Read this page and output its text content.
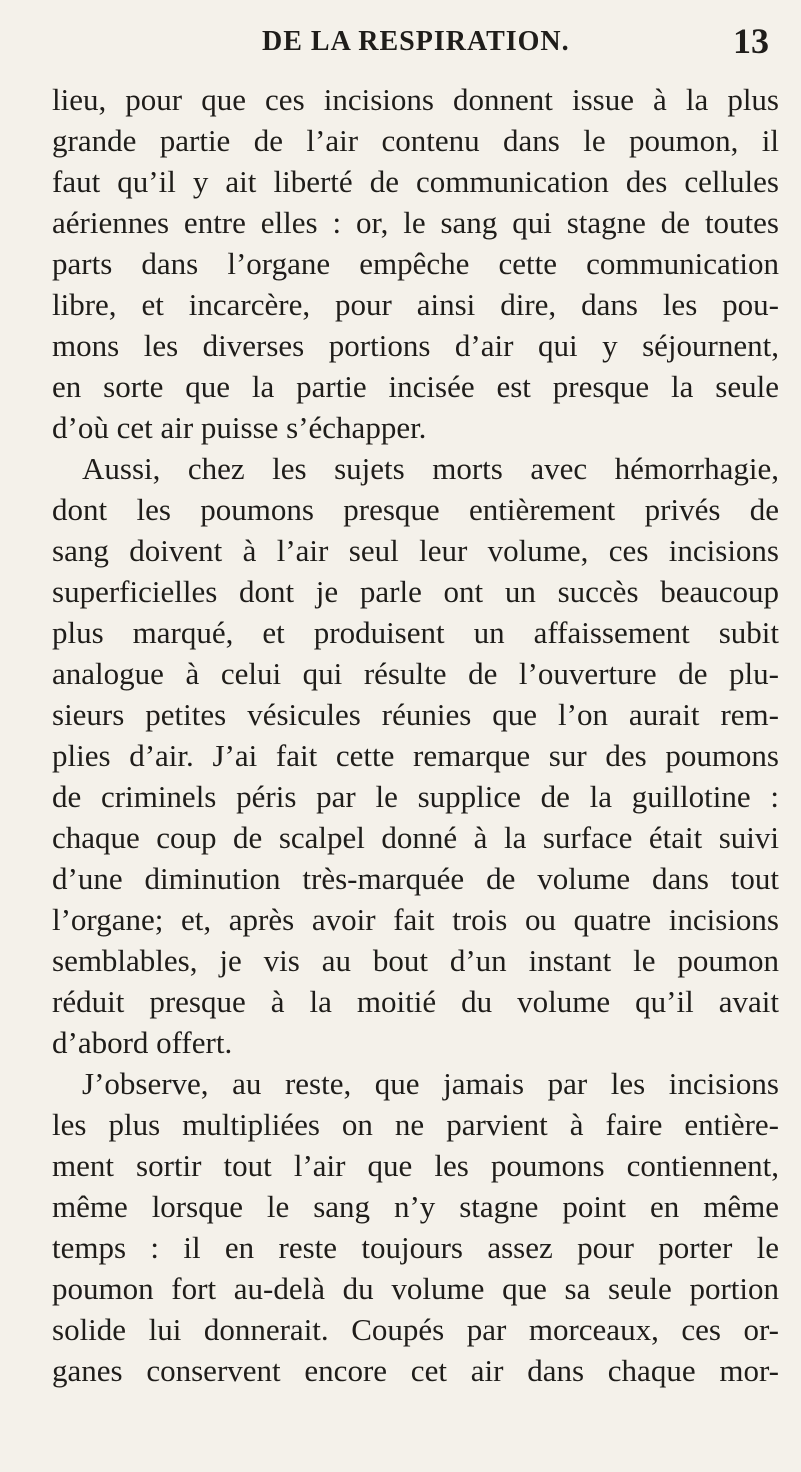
DE LA RESPIRATION.	13
lieu, pour que ces incisions donnent issue à la plus
grande partie de l’air contenu dans le poumon, il
faut qu’il y ait liberté de communication des cellules
aériennes entre elles : or, le sang qui stagne de toutes
parts dans l’organe empêche cette communication
libre, et incarcère, pour ainsi dire, dans les pou-
mons les diverses portions d’air qui y séjournent,
en sorte que la partie incisée est presque la seule
d’où cet air puisse s’échapper.
Aussi, chez les sujets morts avec hémorrhagie,
dont les poumons presque entièrement privés de
sang doivent à l’air seul leur volume, ces incisions
superficielles dont je parle ont un succès beaucoup
plus marqué, et produisent un affaissement subit
analogue à celui qui résulte de l’ouverture de plu-
sieurs petites vésicules réunies que l’on aurait rem-
plies d’air. J’ai fait cette remarque sur des poumons
de criminels péris par le supplice de la guillotine :
chaque coup de scalpel donné à la surface était suivi
d’une diminution très-marquée de volume dans tout
l’organe; et, après avoir fait trois ou quatre incisions
semblables, je vis au bout d’un instant le poumon
réduit presque à la moitié du volume qu’il avait
d’abord offert.
J’observe, au reste, que jamais par les incisions
les plus multipliées on ne parvient à faire entière-
ment sortir tout l’air que les poumons contiennent,
même lorsque le sang n’y stagne point en même
temps : il en reste toujours assez pour porter le
poumon fort au-delà du volume que sa seule portion
solide lui donnerait. Coupés par morceaux, ces or-
ganes conservent encore cet air dans chaque mor-
